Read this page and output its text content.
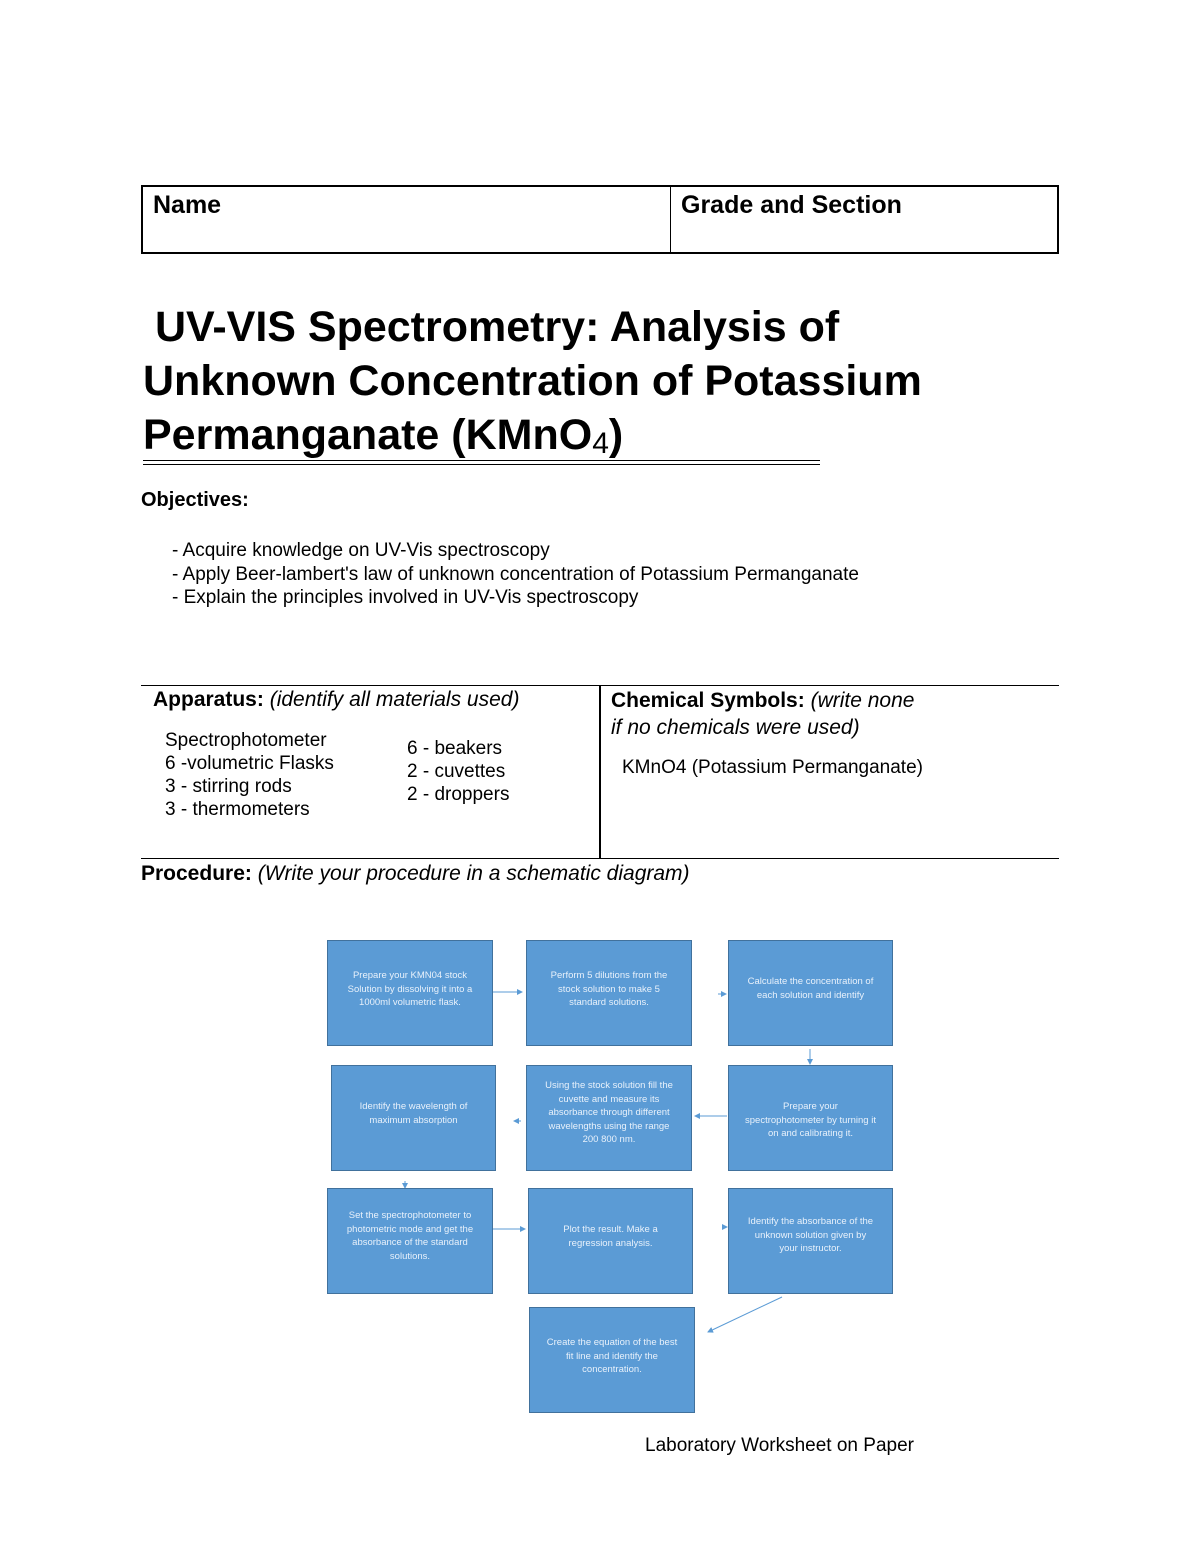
Name	Grade and Section
UV-VIS Spectrometry: Analysis of
Unknown Concentration of Potassium
Permanganate (KMnO4)
Objectives:
- Acquire knowledge on UV-Vis spectroscopy
- Apply Beer-lambert's law of unknown concentration of Potassium Permanganate
- Explain the principles involved in UV-Vis spectroscopy
Apparatus: (identify all materials used)
Spectrophotometer
6 -volumetric Flasks
3 - stirring rods
3 - thermometers
6 - beakers
2 - cuvettes
2 - droppers
Chemical Symbols: (write none
if no chemicals were used)
KMnO4 (Potassium Permanganate)
Procedure: (Write your procedure in a schematic diagram)
Prepare your KMN04 stock Solution by dissolving it into a 1000ml volumetric flask.
Perform 5 dilutions from the stock solution to make 5 standard solutions.
Calculate the concentration of each solution and identify
Identify the wavelength of maximum absorption
Using the stock solution fill the cuvette and measure its absorbance through different wavelengths using the range 200 800 nm.
Prepare your spectrophotometer by turning it on and calibrating it.
Set the spectrophotometer to photometric mode and get the absorbance of the standard solutions.
Plot the result. Make a regression analysis.
Identify the absorbance of the unknown solution given by your instructor.
Create the equation of the best fit line and identify the concentration.
Laboratory Worksheet on Paper
